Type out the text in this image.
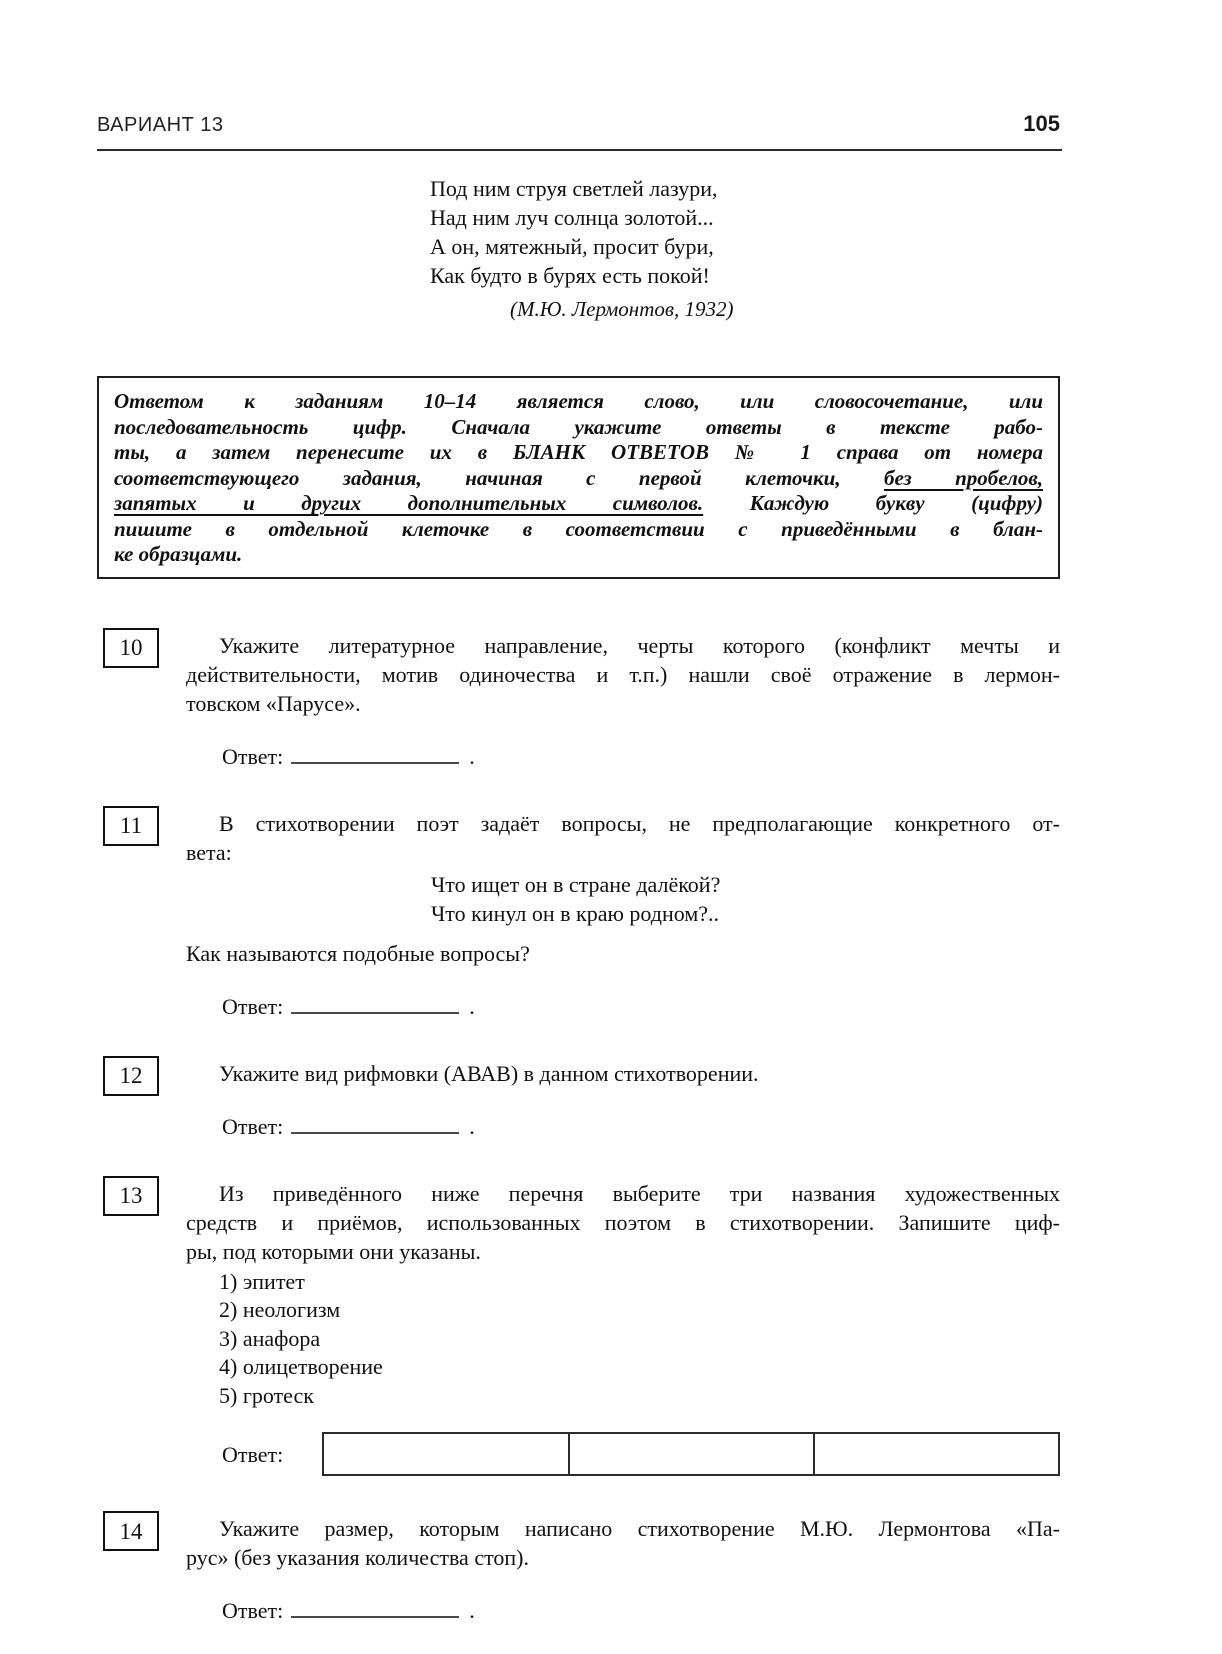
ВАРИАНТ 13	105
Под ним струя светлей лазури,
Над ним луч солнца золотой...
А он, мятежный, просит бури,
Как будто в бурях есть покой!
(М.Ю. Лермонтов, 1932)
Ответом к заданиям 10–14 является слово, или словосочетание, или
последовательность цифр. Сначала укажите ответы в тексте рабо-
ты, а затем перенесите их в БЛАНК ОТВЕТОВ № 1 справа от номера
соответствующего задания, начиная с первой клеточки, без пробелов,
запятых и других дополнительных символов. Каждую букву (цифру)
пишите в отдельной клеточке в соответствии с приведёнными в блан-
ке образцами.
10	Укажите литературное направление, черты которого (конфликт мечты и
действительности, мотив одиночества и т.п.) нашли своё отражение в лермон-
товском «Парусе».
Ответ:	.
11	В стихотворении поэт задаёт вопросы, не предполагающие конкретного от-
вета:
Что ищет он в стране далёкой?
Что кинул он в краю родном?..
Как называются подобные вопросы?
Ответ:	.
12	Укажите вид рифмовки (АВАВ) в данном стихотворении.
Ответ:	.
13	Из приведённого ниже перечня выберите три названия художественных
средств и приёмов, использованных поэтом в стихотворении. Запишите циф-
ры, под которыми они указаны.
1) эпитет
2) неологизм
3) анафора
4) олицетворение
5) гротеск
Ответ:
14	Укажите размер, которым написано стихотворение М.Ю. Лермонтова «Па-
рус» (без указания количества стоп).
Ответ:	.
